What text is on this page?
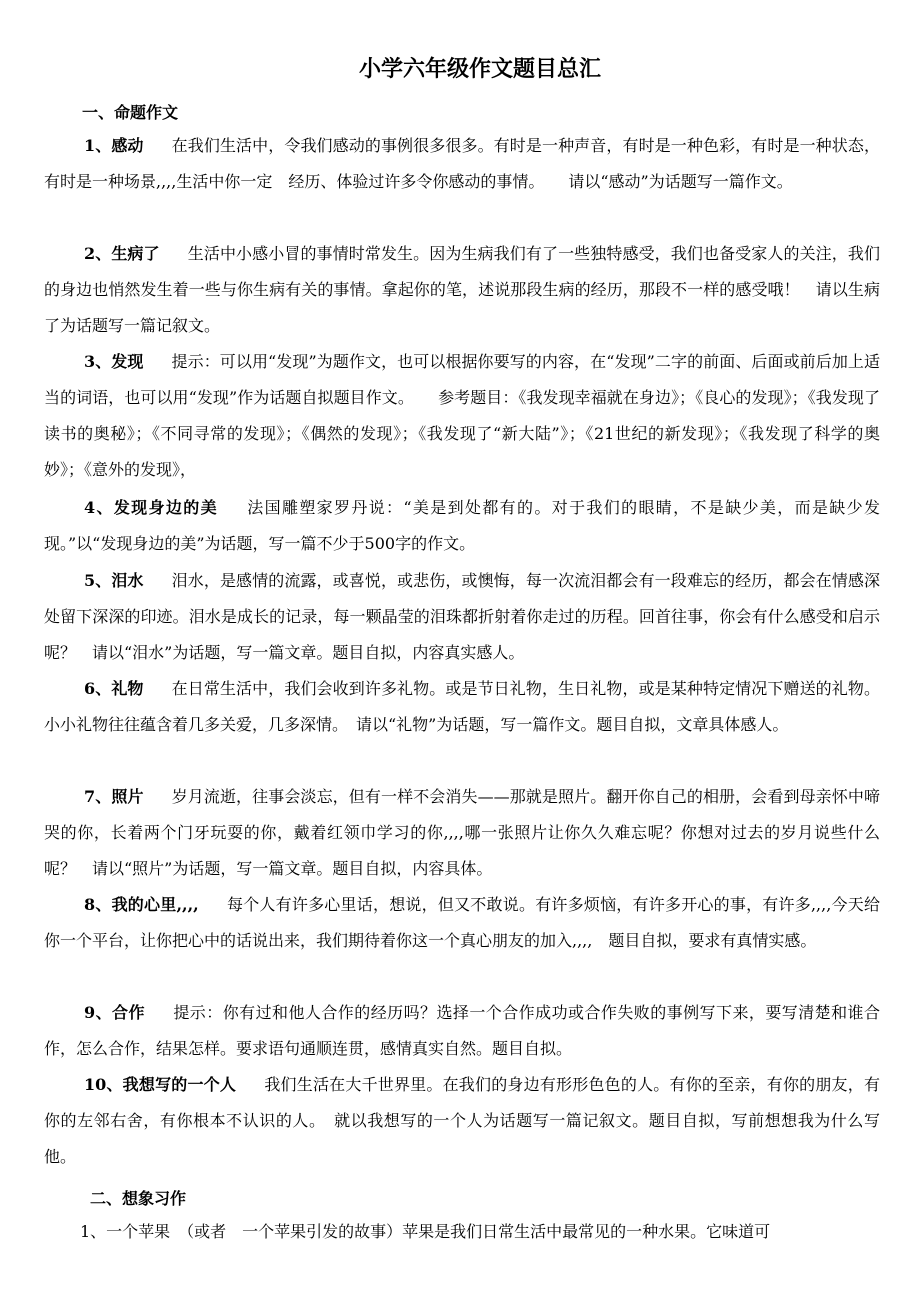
小学六年级作文题目总汇
一、命题作文
1、感动 在我们生活中，令我们感动的事例很多很多。有时是一种声音，有时是一种色彩，有时是一种状态，有时是一种场景,,,,生活中你一定　经历、体验过许多令你感动的事情。　　请以“感动”为话题写一篇作文。
2、生病了 生活中小感小冒的事情时常发生。因为生病我们有了一些独特感受，我们也备受家人的关注，我们的身边也悄然发生着一些与你生病有关的事情。拿起你的笔，述说那段生病的经历，那段不一样的感受哦！　请以生病了为话题写一篇记叙文。
3、发现 提示：可以用“发现”为题作文，也可以根据你要写的内容，在“发现”二字的前面、后面或前后加上适当的词语，也可以用“发现”作为话题自拟题目作文。　　参考题目：《我发现幸福就在身边》；《良心的发现》；《我发现了读书的奥秘》；《不同寻常的发现》；《偶然的发现》；《我发现了“新大陆”》；《21世纪的新发现》；《我发现了科学的奥妙》；《意外的发现》，
4、发现身边的美 法国雕塑家罗丹说：“美是到处都有的。对于我们的眼睛，不是缺少美，而是缺少发现。”以“发现身边的美”为话题，写一篇不少于500字的作文。
5、泪水 泪水，是感情的流露，或喜悦，或悲伤，或懊悔，每一次流泪都会有一段难忘的经历，都会在情感深处留下深深的印迹。泪水是成长的记录，每一颗晶莹的泪珠都折射着你走过的历程。回首往事，你会有什么感受和启示呢？　请以“泪水”为话题，写一篇文章。题目自拟，内容真实感人。
6、礼物 在日常生活中，我们会收到许多礼物。或是节日礼物，生日礼物，或是某种特定情况下赠送的礼物。小小礼物往往蕴含着几多关爱，几多深情。　请以“礼物”为话题，写一篇作文。题目自拟，文章具体感人。
7、照片 岁月流逝，往事会淡忘，但有一样不会消失——那就是照片。翻开你自己的相册，会看到母亲怀中啼哭的你，长着两个门牙玩耍的你，戴着红领巾学习的你,,,,哪一张照片让你久久难忘呢？你想对过去的岁月说些什么呢？　请以“照片”为话题，写一篇文章。题目自拟，内容具体。
8、我的心里,,,, 每个人有许多心里话，想说，但又不敢说。有许多烦恼，有许多开心的事，有许多,,,,今天给你一个平台，让你把心中的话说出来，我们期待着你这一个真心朋友的加入,,,,　题目自拟，要求有真情实感。
9、合作 提示：你有过和他人合作的经历吗？选择一个合作成功或合作失败的事例写下来，要写清楚和谁合作，怎么合作，结果怎样。要求语句通顺连贯，感情真实自然。题目自拟。
10、我想写的一个人 我们生活在大千世界里。在我们的身边有形形色色的人。有你的至亲，有你的朋友，有你的左邻右舍，有你根本不认识的人。　就以我想写的一个人为话题写一篇记叙文。题目自拟，写前想想我为什么写他。
二、想象习作
1、一个苹果　（或者　一个苹果引发的故事）苹果是我们日常生活中最常见的一种水果。它味道可
